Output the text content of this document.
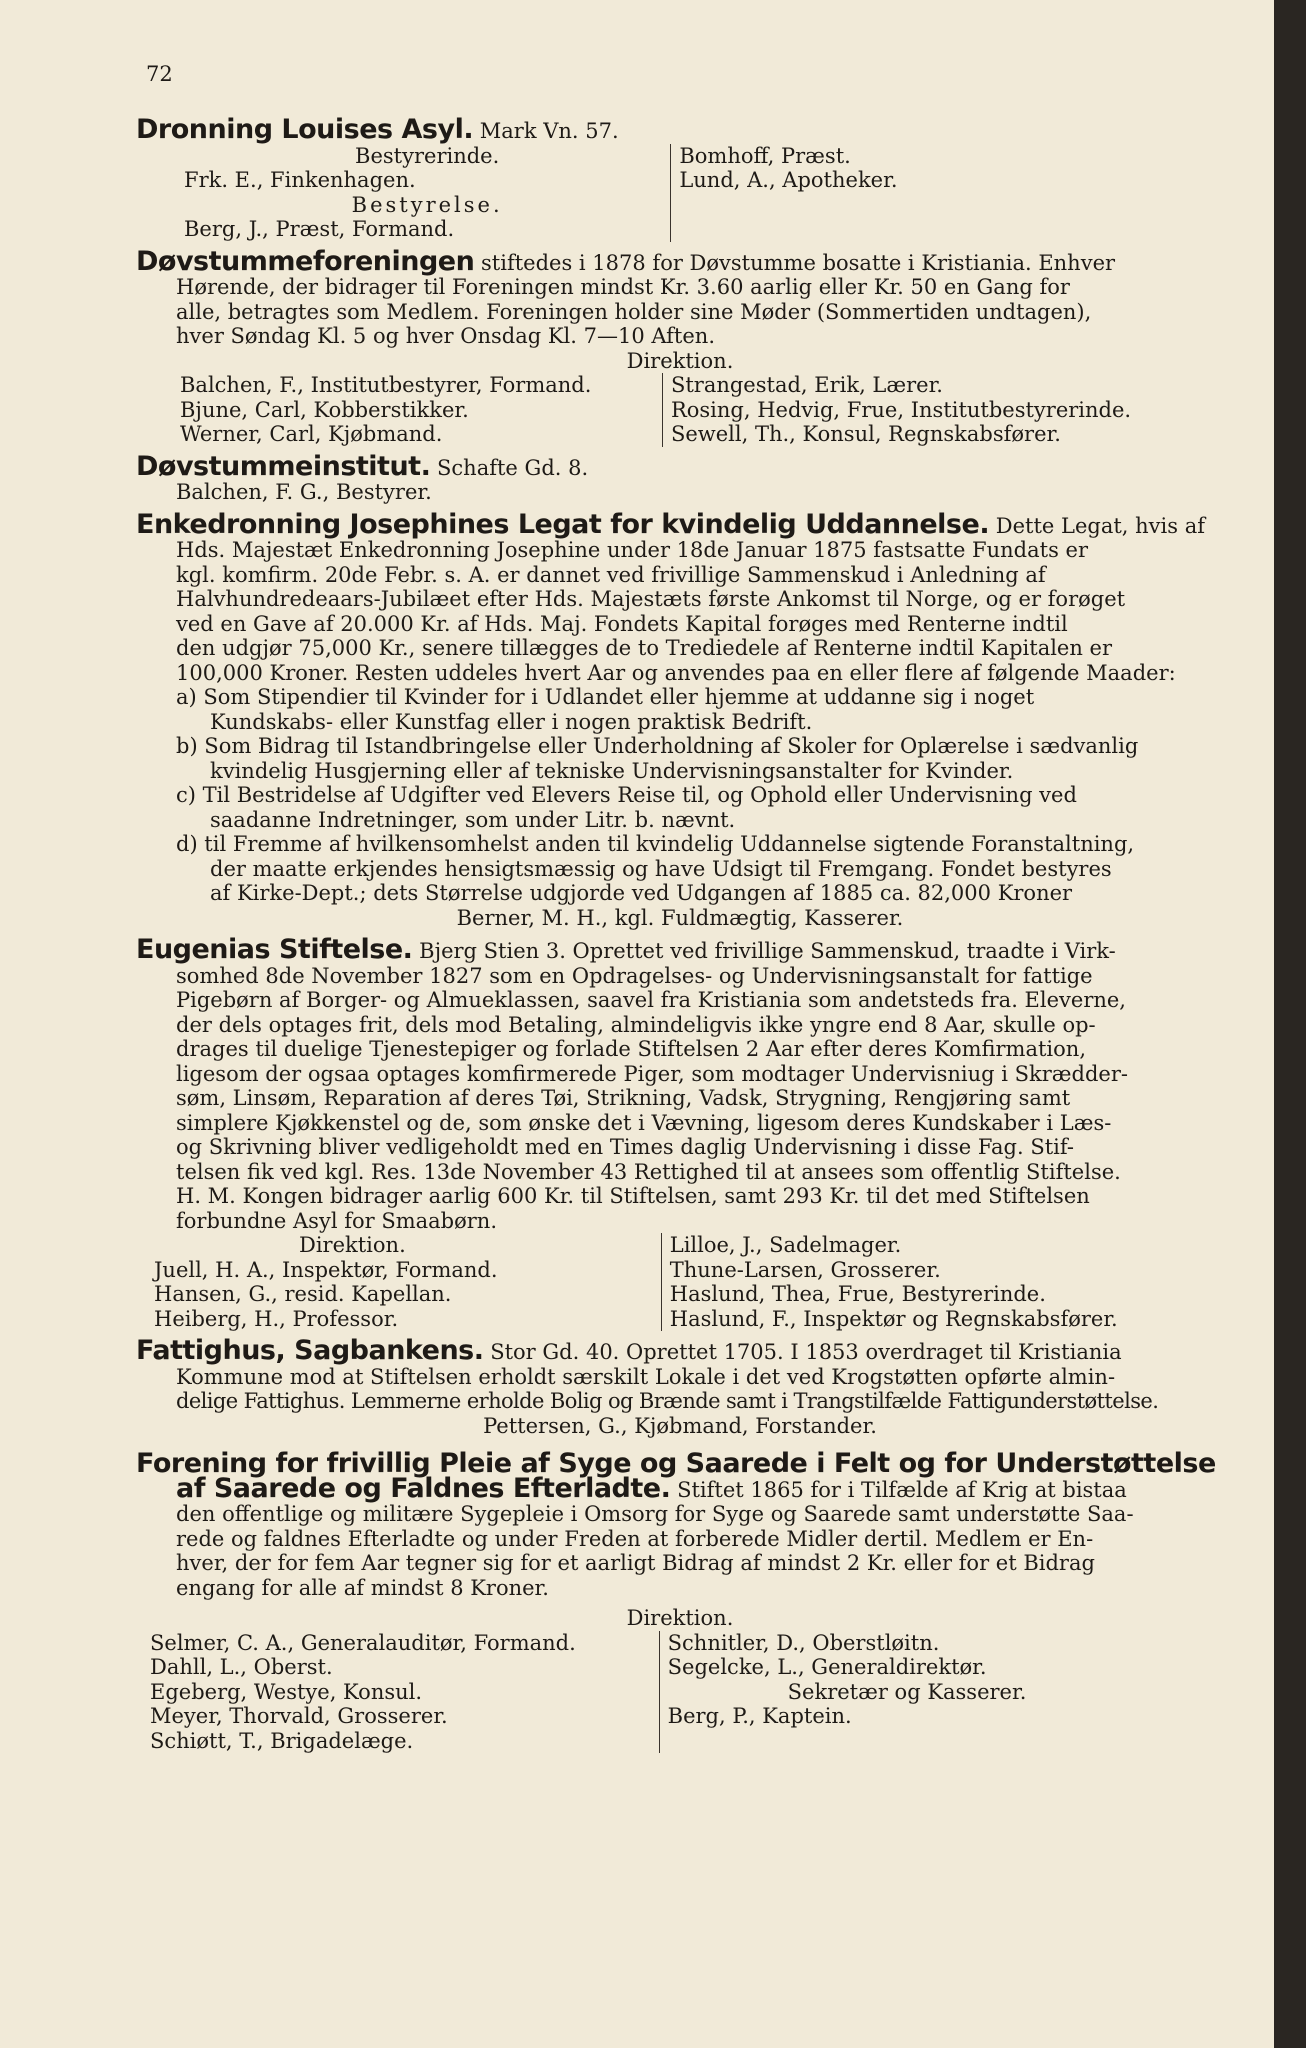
72
Dronning Louises Asyl. Mark Vn. 57.
Bestyrerinde.
Frk. E., Finkenhagen.
Bestyrelse.
Berg, J., Præst, Formand.
Bomhoff, Præst.
Lund, A., Apotheker.
Døvstummeforeningen stiftedes i 1878 for Døvstumme bosatte i Kristiania. Enhver
Hørende, der bidrager til Foreningen mindst Kr. 3.60 aarlig eller Kr. 50 en Gang for
alle, betragtes som Medlem. Foreningen holder sine Møder (Sommertiden undtagen),
hver Søndag Kl. 5 og hver Onsdag Kl. 7—10 Aften.
Direktion.
Balchen, F., Institutbestyrer, Formand.
Bjune, Carl, Kobberstikker.
Werner, Carl, Kjøbmand.
Strangestad, Erik, Lærer.
Rosing, Hedvig, Frue, Institutbestyrerinde.
Sewell, Th., Konsul, Regnskabsfører.
Døvstummeinstitut. Schafte Gd. 8.
Balchen, F. G., Bestyrer.
Enkedronning Josephines Legat for kvindelig Uddannelse. Dette Legat, hvis af
Hds. Majestæt Enkedronning Josephine under 18de Januar 1875 fastsatte Fundats er
kgl. komfirm. 20de Febr. s. A. er dannet ved frivillige Sammenskud i Anledning af
Halvhundredeaars-Jubilæet efter Hds. Majestæts første Ankomst til Norge, og er forøget
ved en Gave af 20.000 Kr. af Hds. Maj. Fondets Kapital forøges med Renterne indtil
den udgjør 75,000 Kr., senere tillægges de to Trediedele af Renterne indtil Kapitalen er
100,000 Kroner. Resten uddeles hvert Aar og anvendes paa en eller flere af følgende Maader:
a) Som Stipendier til Kvinder for i Udlandet eller hjemme at uddanne sig i noget
Kundskabs- eller Kunstfag eller i nogen praktisk Bedrift.
b) Som Bidrag til Istandbringelse eller Underholdning af Skoler for Oplærelse i sædvanlig
kvindelig Husgjerning eller af tekniske Undervisningsanstalter for Kvinder.
c) Til Bestridelse af Udgifter ved Elevers Reise til, og Ophold eller Undervisning ved
saadanne Indretninger, som under Litr. b. nævnt.
d) til Fremme af hvilkensomhelst anden til kvindelig Uddannelse sigtende Foranstaltning,
der maatte erkjendes hensigtsmæssig og have Udsigt til Fremgang. Fondet bestyres
af Kirke-Dept.; dets Størrelse udgjorde ved Udgangen af 1885 ca. 82,000 Kroner
Berner, M. H., kgl. Fuldmægtig, Kasserer.
Eugenias Stiftelse. Bjerg Stien 3. Oprettet ved frivillige Sammenskud, traadte i Virk-
somhed 8de November 1827 som en Opdragelses- og Undervisningsanstalt for fattige
Pigebørn af Borger- og Almueklassen, saavel fra Kristiania som andetsteds fra. Eleverne,
der dels optages frit, dels mod Betaling, almindeligvis ikke yngre end 8 Aar, skulle op-
drages til duelige Tjenestepiger og forlade Stiftelsen 2 Aar efter deres Komfirmation,
ligesom der ogsaa optages komfirmerede Piger, som modtager Undervisniug i Skrædder-
søm, Linsøm, Reparation af deres Tøi, Strikning, Vadsk, Strygning, Rengjøring samt
simplere Kjøkkenstel og de, som ønske det i Vævning, ligesom deres Kundskaber i Læs-
og Skrivning bliver vedligeholdt med en Times daglig Undervisning i disse Fag. Stif-
telsen fik ved kgl. Res. 13de November 43 Rettighed til at ansees som offentlig Stiftelse.
H. M. Kongen bidrager aarlig 600 Kr. til Stiftelsen, samt 293 Kr. til det med Stiftelsen
forbundne Asyl for Smaabørn.
Direktion.
Juell, H. A., Inspektør, Formand.
Hansen, G., resid. Kapellan.
Heiberg, H., Professor.
Lilloe, J., Sadelmager.
Thune-Larsen, Grosserer.
Haslund, Thea, Frue, Bestyrerinde.
Haslund, F., Inspektør og Regnskabsfører.
Fattighus, Sagbankens. Stor Gd. 40. Oprettet 1705. I 1853 overdraget til Kristiania
Kommune mod at Stiftelsen erholdt særskilt Lokale i det ved Krogstøtten opførte almin-
delige Fattighus. Lemmerne erholde Bolig og Brænde samt i Trangstilfælde Fattigunderstøttelse.
Pettersen, G., Kjøbmand, Forstander.
Forening for frivillig Pleie af Syge og Saarede i Felt og for Understøttelse
af Saarede og Faldnes Efterladte. Stiftet 1865 for i Tilfælde af Krig at bistaa
den offentlige og militære Sygepleie i Omsorg for Syge og Saarede samt understøtte Saa-
rede og faldnes Efterladte og under Freden at forberede Midler dertil. Medlem er En-
hver, der for fem Aar tegner sig for et aarligt Bidrag af mindst 2 Kr. eller for et Bidrag
engang for alle af mindst 8 Kroner.
Direktion.
Selmer, C. A., Generalauditør, Formand.
Dahll, L., Oberst.
Egeberg, Westye, Konsul.
Meyer, Thorvald, Grosserer.
Schiøtt, T., Brigadelæge.
Schnitler, D., Oberstløitn.
Segelcke, L., Generaldirektør.
Sekretær og Kasserer.
Berg, P., Kaptein.
